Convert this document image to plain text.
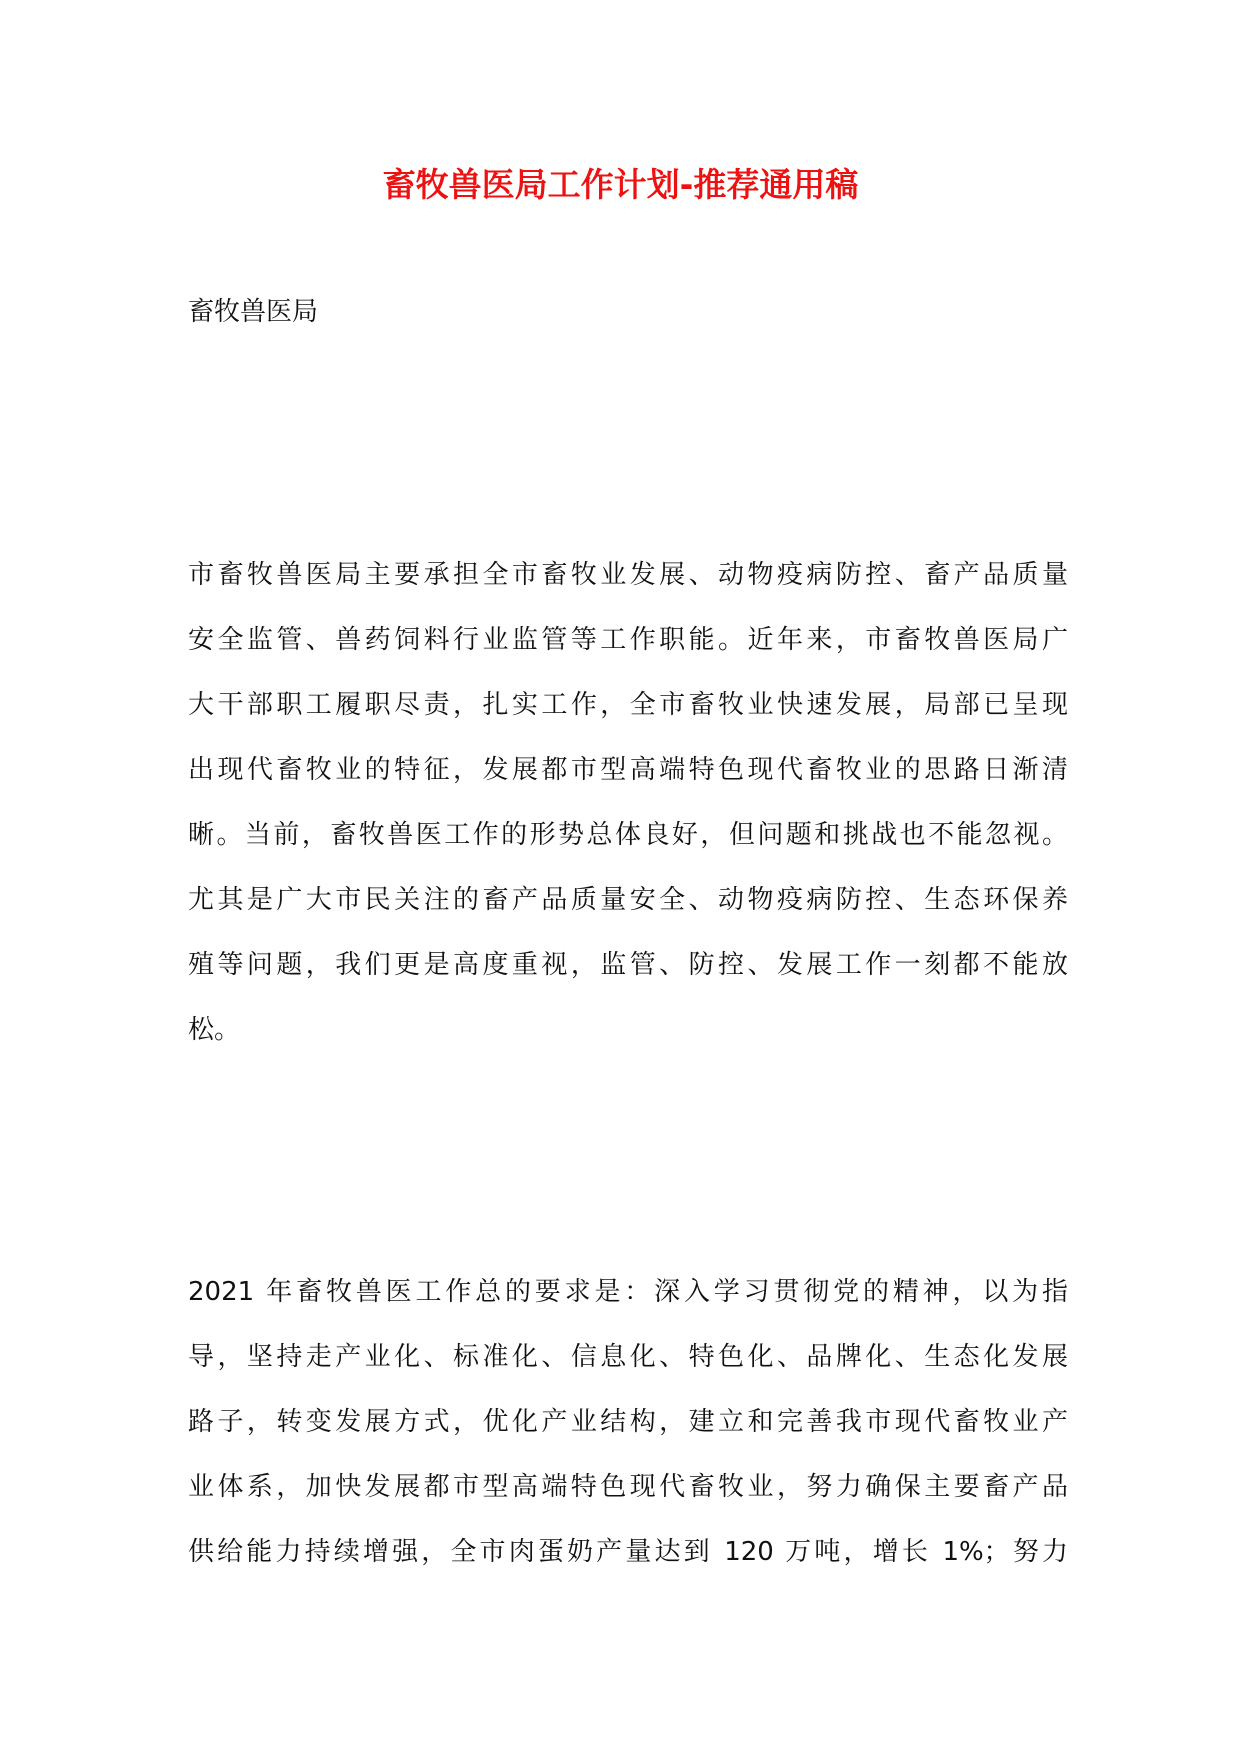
畜牧兽医局工作计划-推荐通用稿
畜牧兽医局
市畜牧兽医局主要承担全市畜牧业发展、动物疫病防控、畜产品质量
安全监管、兽药饲料行业监管等工作职能。近年来，市畜牧兽医局广
大干部职工履职尽责，扎实工作，全市畜牧业快速发展，局部已呈现
出现代畜牧业的特征，发展都市型高端特色现代畜牧业的思路日渐清
晰。当前，畜牧兽医工作的形势总体良好，但问题和挑战也不能忽视。
尤其是广大市民关注的畜产品质量安全、动物疫病防控、生态环保养
殖等问题，我们更是高度重视，监管、防控、发展工作一刻都不能放
松。
2021 年畜牧兽医工作总的要求是：深入学习贯彻党的精神，以为指
导，坚持走产业化、标准化、信息化、特色化、品牌化、生态化发展
路子，转变发展方式，优化产业结构，建立和完善我市现代畜牧业产
业体系，加快发展都市型高端特色现代畜牧业，努力确保主要畜产品
供给能力持续增强，全市肉蛋奶产量达到 120 万吨，增长 1%；努力
